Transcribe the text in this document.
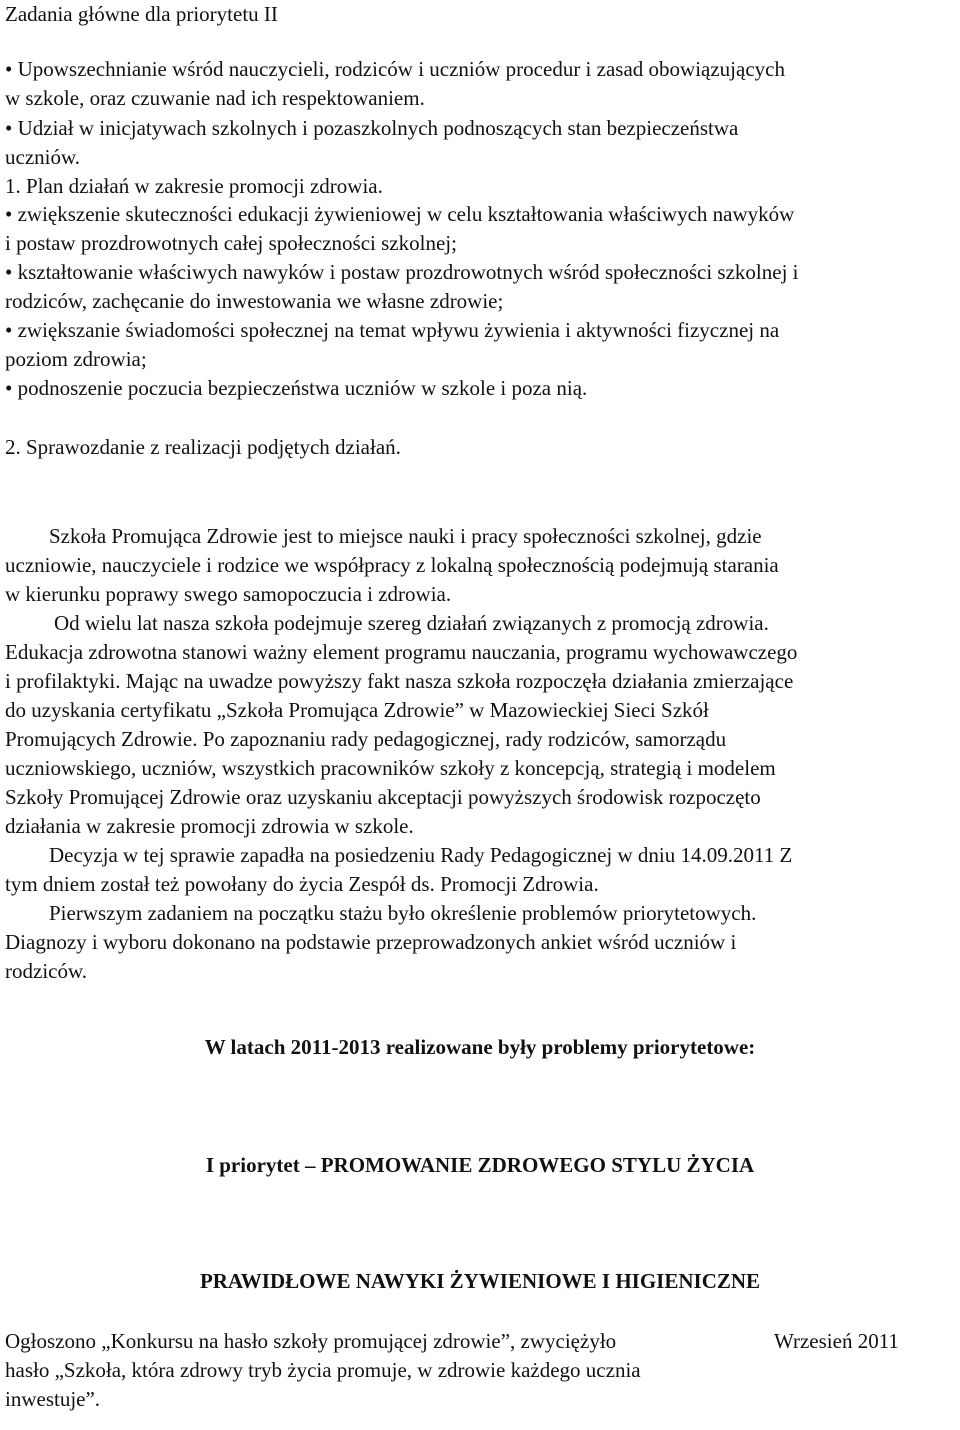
Zadania główne dla priorytetu II
• Upowszechnianie wśród nauczycieli, rodziców i uczniów procedur i zasad obowiązujących
w szkole, oraz czuwanie nad ich respektowaniem.
• Udział w inicjatywach szkolnych i pozaszkolnych podnoszących stan bezpieczeństwa
uczniów.
1. Plan działań w zakresie promocji zdrowia.
• zwiększenie skuteczności edukacji żywieniowej w celu kształtowania właściwych nawyków
i postaw prozdrowotnych całej społeczności szkolnej;
• kształtowanie właściwych nawyków i postaw prozdrowotnych wśród społeczności szkolnej i
rodziców, zachęcanie do inwestowania we własne zdrowie;
• zwiększanie świadomości społecznej na temat wpływu żywienia i aktywności fizycznej na
poziom zdrowia;
• podnoszenie poczucia bezpieczeństwa uczniów w szkole i poza nią.
2. Sprawozdanie z realizacji podjętych działań.
Szkoła Promująca Zdrowie jest to miejsce nauki i pracy społeczności szkolnej, gdzie
uczniowie, nauczyciele i rodzice we współpracy z lokalną społecznością podejmują starania
w kierunku poprawy swego samopoczucia i zdrowia.
Od wielu lat nasza szkoła podejmuje szereg działań związanych z promocją zdrowia.
Edukacja zdrowotna stanowi ważny element programu nauczania, programu wychowawczego
i profilaktyki. Mając na uwadze powyższy fakt nasza szkoła rozpoczęła działania zmierzające
do uzyskania certyfikatu „Szkoła Promująca Zdrowie” w Mazowieckiej Sieci Szkół
Promujących Zdrowie. Po zapoznaniu rady pedagogicznej, rady rodziców, samorządu
uczniowskiego, uczniów, wszystkich pracowników szkoły z koncepcją, strategią i modelem
Szkoły Promującej Zdrowie oraz uzyskaniu akceptacji powyższych środowisk rozpoczęto
działania w zakresie promocji zdrowia w szkole.
Decyzja w tej sprawie zapadła na posiedzeniu Rady Pedagogicznej w dniu 14.09.2011 Z
tym dniem został też powołany do życia Zespół ds. Promocji Zdrowia.
Pierwszym zadaniem na początku stażu było określenie problemów priorytetowych.
Diagnozy i wyboru dokonano na podstawie przeprowadzonych ankiet wśród uczniów i
rodziców.
W latach 2011-2013 realizowane były problemy priorytetowe:
I priorytet – PROMOWANIE ZDROWEGO STYLU ŻYCIA
PRAWIDŁOWE NAWYKI ŻYWIENIOWE I HIGIENICZNE
Ogłoszono „Konkursu na hasło szkoły promującej zdrowie”, zwyciężyło	Wrzesień 2011
hasło „Szkoła, która zdrowy tryb życia promuje, w zdrowie każdego ucznia
inwestuje”.
